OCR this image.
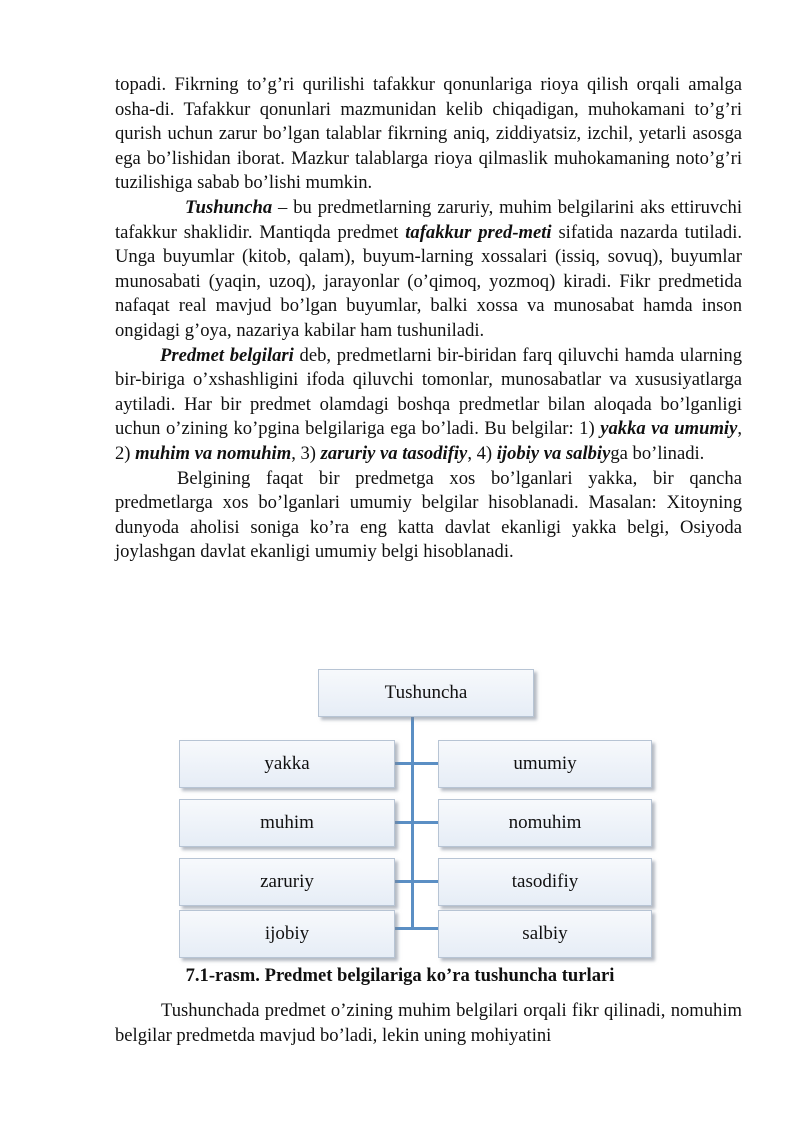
topadi. Fikrning to’g’ri qurilishi tafakkur qonunlariga rioya qilish orqali amalga osha-di. Tafakkur qonunlari mazmunidan kelib chiqadigan, muhokamani to’g’ri qurish uchun zarur bo’lgan talablar fikrning aniq, ziddiyatsiz, izchil, yetarli asosga ega bo’lishidan iborat. Mazkur talablarga rioya qilmaslik muhokamaning noto’g’ri tuzilishiga sabab bo’lishi mumkin.

Tushuncha – bu predmetlarning zaruriy, muhim belgilarini aks ettiruvchi tafakkur shaklidir. Mantiqda predmet tafakkur pred-meti sifatida nazarda tutiladi. Unga buyumlar (kitob, qalam), buyum-larning xossalari (issiq, sovuq), buyumlar munosabati (yaqin, uzoq), jarayonlar (o’qimoq, yozmoq) kiradi. Fikr predmetida nafaqat real mavjud bo’lgan buyumlar, balki xossa va munosabat hamda inson ongidagi g’oya, nazariya kabilar ham tushuniladi.

Predmet belgilari deb, predmetlarni bir-biridan farq qiluvchi hamda ularning bir-biriga o’xshashligini ifoda qiluvchi tomonlar, munosabatlar va xususiyatlarga aytiladi. Har bir predmet olamdagi boshqa predmetlar bilan aloqada bo’lganligi uchun o’zining ko’pgina belgilariga ega bo’ladi. Bu belgilar: 1) yakka va umumiy, 2) muhim va nomuhim, 3) zaruriy va tasodifiy, 4) ijobiy va salbiyga bo’linadi.

Belgining faqat bir predmetga xos bo’lganlari yakka, bir qancha predmetlarga xos bo’lganlari umumiy belgilar hisoblanadi. Masalan: Xitoyning dunyoda aholisi soniga ko’ra eng katta davlat ekanligi yakka belgi, Osiyoda joylashgan davlat ekanligi umumiy belgi hisoblanadi.

Tushuncha
yakka
muhim
zaruriy
ijobiy
umumiy
nomuhim
tasodifiy
salbiy
7.1-rasm. Predmet belgilariga ko’ra tushuncha turlari

Tushunchada predmet o’zining muhim belgilari orqali fikr qilinadi, nomuhim belgilar predmetda mavjud bo’ladi, lekin uning mohiyatini
